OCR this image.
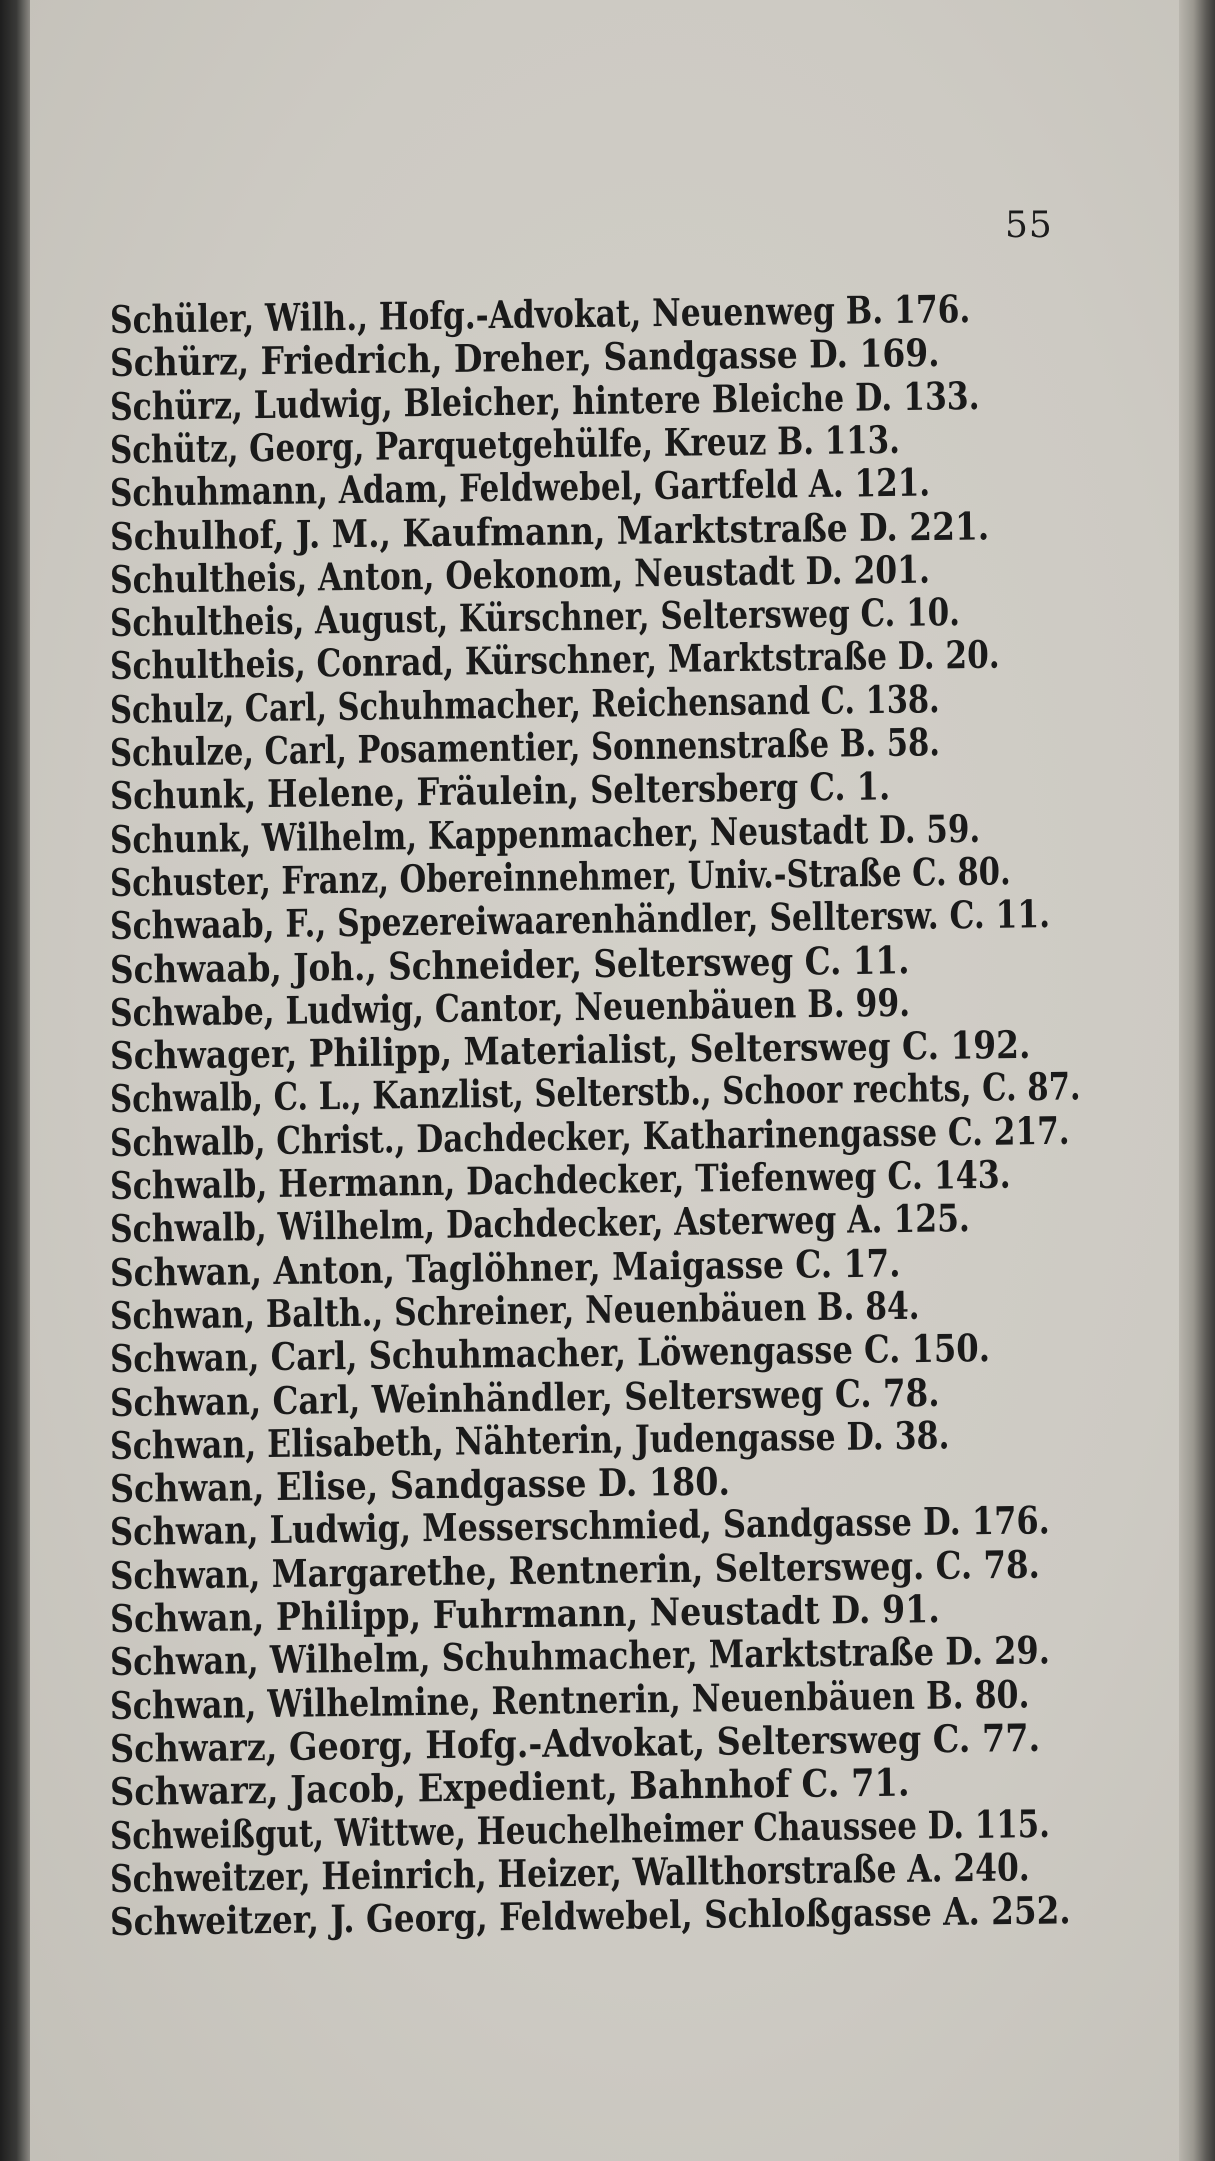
55
Schüler, Wilh., Hofg.-Advokat, Neuenweg B. 176.
Schürz, Friedrich, Dreher, Sandgasse D. 169.
Schürz, Ludwig, Bleicher, hintere Bleiche D. 133.
Schütz, Georg, Parquetgehülfe, Kreuz B. 113.
Schuhmann, Adam, Feldwebel, Gartfeld A. 121.
Schulhof, J. M., Kaufmann, Marktstraße D. 221.
Schultheis, Anton, Oekonom, Neustadt D. 201.
Schultheis, August, Kürschner, Seltersweg C. 10.
Schultheis, Conrad, Kürschner, Marktstraße D. 20.
Schulz, Carl, Schuhmacher, Reichensand C. 138.
Schulze, Carl, Posamentier, Sonnenstraße B. 58.
Schunk, Helene, Fräulein, Seltersberg C. 1.
Schunk, Wilhelm, Kappenmacher, Neustadt D. 59.
Schuster, Franz, Obereinnehmer, Univ.-Straße C. 80.
Schwaab, F., Spezereiwaarenhändler, Selltersw. C. 11.
Schwaab, Joh., Schneider, Seltersweg C. 11.
Schwabe, Ludwig, Cantor, Neuenbäuen B. 99.
Schwager, Philipp, Materialist, Seltersweg C. 192.
Schwalb, C. L., Kanzlist, Selterstb., Schoor rechts, C. 87.
Schwalb, Christ., Dachdecker, Katharinengasse C. 217.
Schwalb, Hermann, Dachdecker, Tiefenweg C. 143.
Schwalb, Wilhelm, Dachdecker, Asterweg A. 125.
Schwan, Anton, Taglöhner, Maigasse C. 17.
Schwan, Balth., Schreiner, Neuenbäuen B. 84.
Schwan, Carl, Schuhmacher, Löwengasse C. 150.
Schwan, Carl, Weinhändler, Seltersweg C. 78.
Schwan, Elisabeth, Nähterin, Judengasse D. 38.
Schwan, Elise, Sandgasse D. 180.
Schwan, Ludwig, Messerschmied, Sandgasse D. 176.
Schwan, Margarethe, Rentnerin, Seltersweg. C. 78.
Schwan, Philipp, Fuhrmann, Neustadt D. 91.
Schwan, Wilhelm, Schuhmacher, Marktstraße D. 29.
Schwan, Wilhelmine, Rentnerin, Neuenbäuen B. 80.
Schwarz, Georg, Hofg.-Advokat, Seltersweg C. 77.
Schwarz, Jacob, Expedient, Bahnhof C. 71.
Schweißgut, Wittwe, Heuchelheimer Chaussee D. 115.
Schweitzer, Heinrich, Heizer, Wallthorstraße A. 240.
Schweitzer, J. Georg, Feldwebel, Schloßgasse A. 252.
